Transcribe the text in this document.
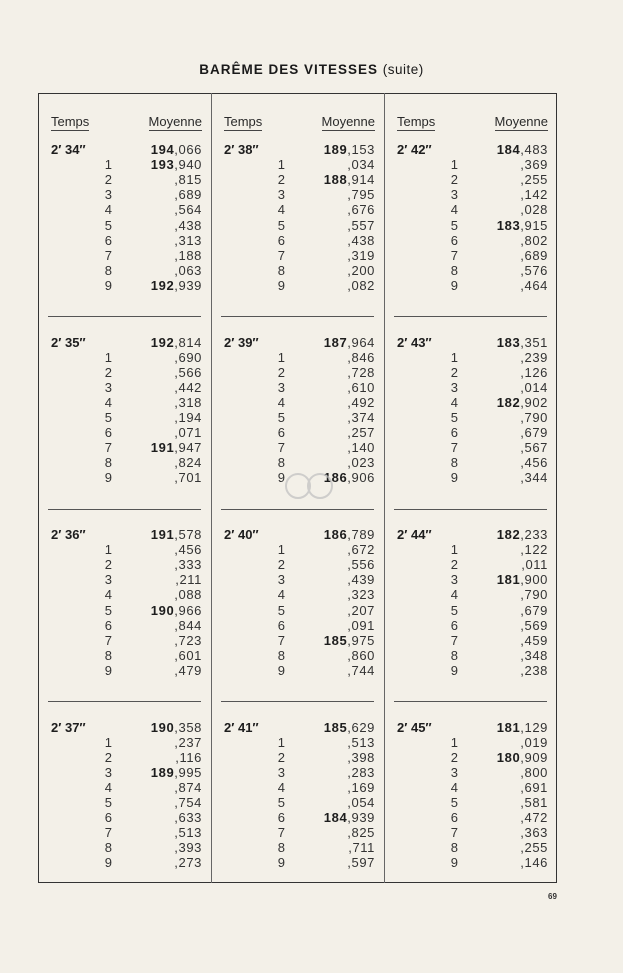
BARÊME DES VITESSES (suite)
Temps	Moyenne
2′ 34″	194,066
1	193,940
2	,815
3	,689
4	,564
5	,438
6	,313
7	,188
8	,063
9	192,939
2′ 35″	192,814
1	,690
2	,566
3	,442
4	,318
5	,194
6	,071
7	191,947
8	,824
9	,701
2′ 36″	191,578
1	,456
2	,333
3	,211
4	,088
5	190,966
6	,844
7	,723
8	,601
9	,479
2′ 37″	190,358
1	,237
2	,116
3	189,995
4	,874
5	,754
6	,633
7	,513
8	,393
9	,273
Temps	Moyenne
2′ 38″	189,153
1	,034
2	188,914
3	,795
4	,676
5	,557
6	,438
7	,319
8	,200
9	,082
2′ 39″	187,964
1	,846
2	,728
3	,610
4	,492
5	,374
6	,257
7	,140
8	,023
9	186,906
2′ 40″	186,789
1	,672
2	,556
3	,439
4	,323
5	,207
6	,091
7	185,975
8	,860
9	,744
2′ 41″	185,629
1	,513
2	,398
3	,283
4	,169
5	,054
6	184,939
7	,825
8	,711
9	,597
Temps	Moyenne
2′ 42″	184,483
1	,369
2	,255
3	,142
4	,028
5	183,915
6	,802
7	,689
8	,576
9	,464
2′ 43″	183,351
1	,239
2	,126
3	,014
4	182,902
5	,790
6	,679
7	,567
8	,456
9	,344
2′ 44″	182,233
1	,122
2	,011
3	181,900
4	,790
5	,679
6	,569
7	,459
8	,348
9	,238
2′ 45″	181,129
1	,019
2	180,909
3	,800
4	,691
5	,581
6	,472
7	,363
8	,255
9	,146
69
